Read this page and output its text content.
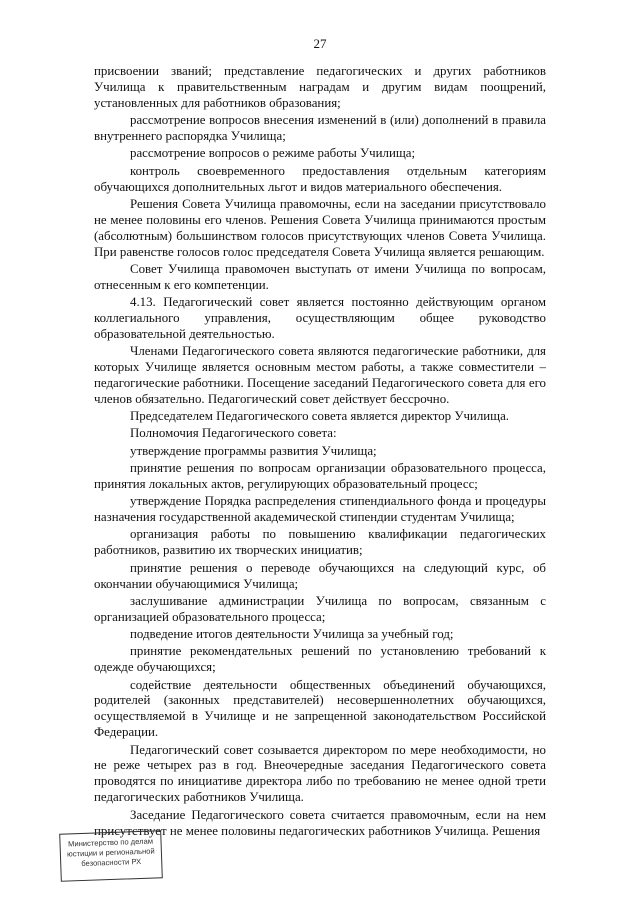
27

присвоении званий; представление педагогических и других работников Училища к правительственным наградам и другим видам поощрений, установленных для работников образования;

рассмотрение вопросов внесения изменений в (или) дополнений в правила внутреннего распорядка Училища;

рассмотрение вопросов о режиме работы Училища;

контроль своевременного предоставления отдельным категориям обучающихся дополнительных льгот и видов материального обеспечения.

Решения Совета Училища правомочны, если на заседании присутствовало не менее половины его членов. Решения Совета Училища принимаются простым (абсолютным) большинством голосов присутствующих членов Совета Училища. При равенстве голосов голос председателя Совета Училища является решающим.

Совет Училища правомочен выступать от имени Училища по вопросам, отнесенным к его компетенции.

4.13. Педагогический совет является постоянно действующим органом коллегиального управления, осуществляющим общее руководство образовательной деятельностью.

Членами Педагогического совета являются педагогические работники, для которых Училище является основным местом работы, а также совместители – педагогические работники. Посещение заседаний Педагогического совета для его членов обязательно. Педагогический совет действует бессрочно.

Председателем Педагогического совета является директор Училища.

Полномочия Педагогического совета:

утверждение программы развития Училища;

принятие решения по вопросам организации образовательного процесса, принятия локальных актов, регулирующих образовательный процесс;

утверждение Порядка распределения стипендиального фонда и процедуры назначения государственной академической стипендии студентам Училища;

организация работы по повышению квалификации педагогических работников, развитию их творческих инициатив;

принятие решения о переводе обучающихся на следующий курс, об окончании обучающимися Училища;

заслушивание администрации Училища по вопросам, связанным с организацией образовательного процесса;

подведение итогов деятельности Училища за учебный год;

принятие рекомендательных решений по установлению требований к одежде обучающихся;

содействие деятельности общественных объединений обучающихся, родителей (законных представителей) несовершеннолетних обучающихся, осуществляемой в Училище и не запрещенной законодательством Российской Федерации.

Педагогический совет созывается директором по мере необходимости, но не реже четырех раз в год. Внеочередные заседания Педагогического совета проводятся по инициативе директора либо по требованию не менее одной трети педагогических работников Училища.

Заседание Педагогического совета считается правомочным, если на нем присутствует не менее половины педагогических работников Училища. Решения

Министерство по делам
юстиции и региональной
безопасности РХ
